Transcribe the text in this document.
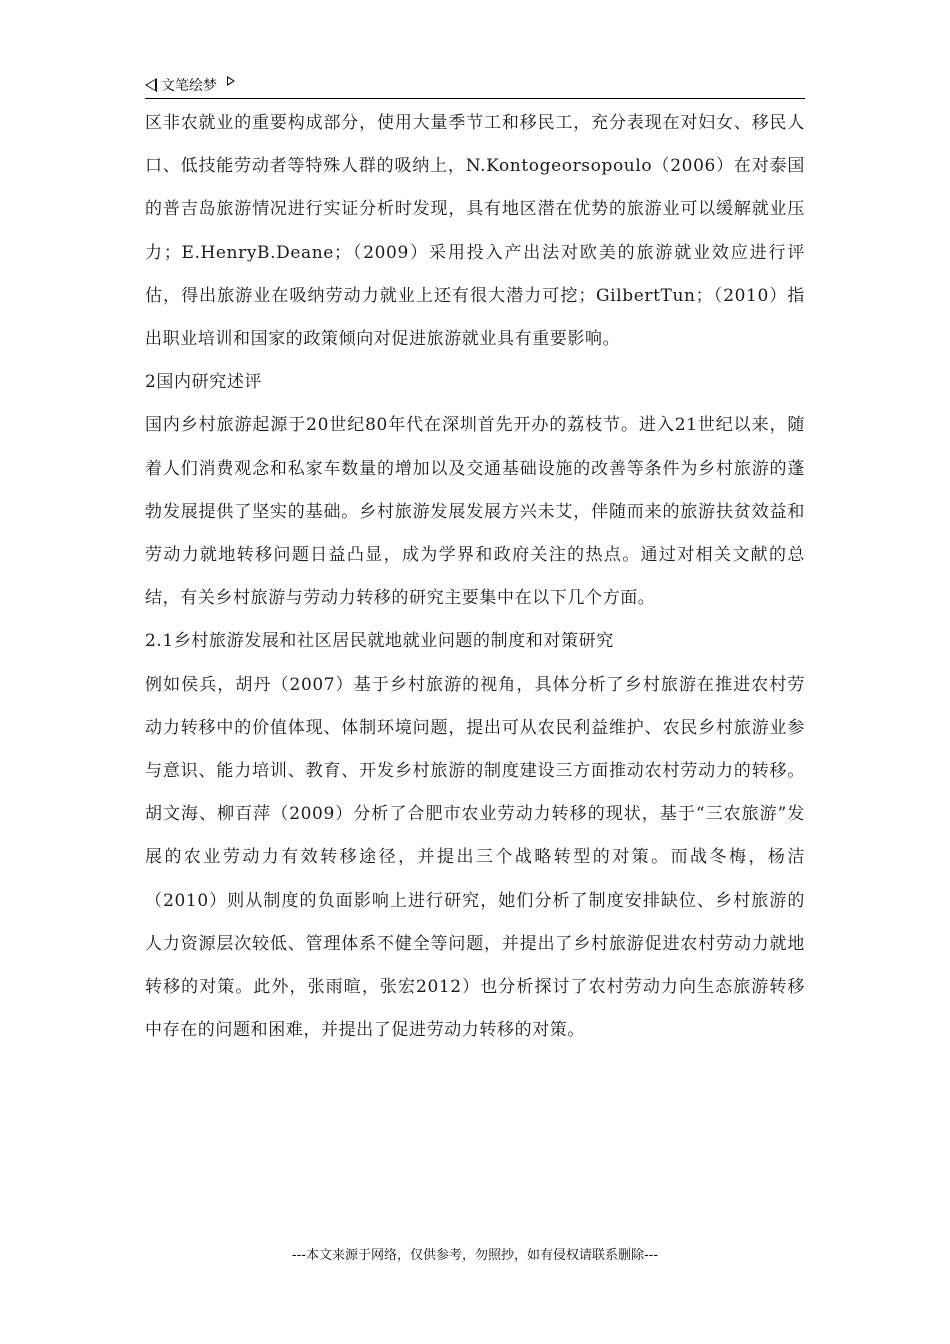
文笔绘梦

区非农就业的重要构成部分，使用大量季节工和移民工，充分表现在对妇女、移民人口、低技能劳动者等特殊人群的吸纳上，N.Kontogeorsopoulo（2006）在对泰国的普吉岛旅游情况进行实证分析时发现，具有地区潜在优势的旅游业可以缓解就业压力；E.HenryB.Deane；（2009）采用投入产出法对欧美的旅游就业效应进行评估，得出旅游业在吸纳劳动力就业上还有很大潜力可挖；GilbertTun；（2010）指出职业培训和国家的政策倾向对促进旅游就业具有重要影响。

2国内研究述评

国内乡村旅游起源于20世纪80年代在深圳首先开办的荔枝节。进入21世纪以来，随着人们消费观念和私家车数量的增加以及交通基础设施的改善等条件为乡村旅游的蓬勃发展提供了坚实的基础。乡村旅游发展发展方兴未艾，伴随而来的旅游扶贫效益和劳动力就地转移问题日益凸显，成为学界和政府关注的热点。通过对相关文献的总结，有关乡村旅游与劳动力转移的研究主要集中在以下几个方面。

2.1乡村旅游发展和社区居民就地就业问题的制度和对策研究

例如侯兵，胡丹（2007）基于乡村旅游的视角，具体分析了乡村旅游在推进农村劳动力转移中的价值体现、体制环境问题，提出可从农民利益维护、农民乡村旅游业参与意识、能力培训、教育、开发乡村旅游的制度建设三方面推动农村劳动力的转移。胡文海、柳百萍（2009）分析了合肥市农业劳动力转移的现状，基于“三农旅游”发展的农业劳动力有效转移途径，并提出三个战略转型的对策。而战冬梅，杨洁（2010）则从制度的负面影响上进行研究，她们分析了制度安排缺位、乡村旅游的人力资源层次较低、管理体系不健全等问题，并提出了乡村旅游促进农村劳动力就地转移的对策。此外，张雨暄，张宏2012）也分析探讨了农村劳动力向生态旅游转移中存在的问题和困难，并提出了促进劳动力转移的对策。

---本文来源于网络，仅供参考，勿照抄，如有侵权请联系删除---
